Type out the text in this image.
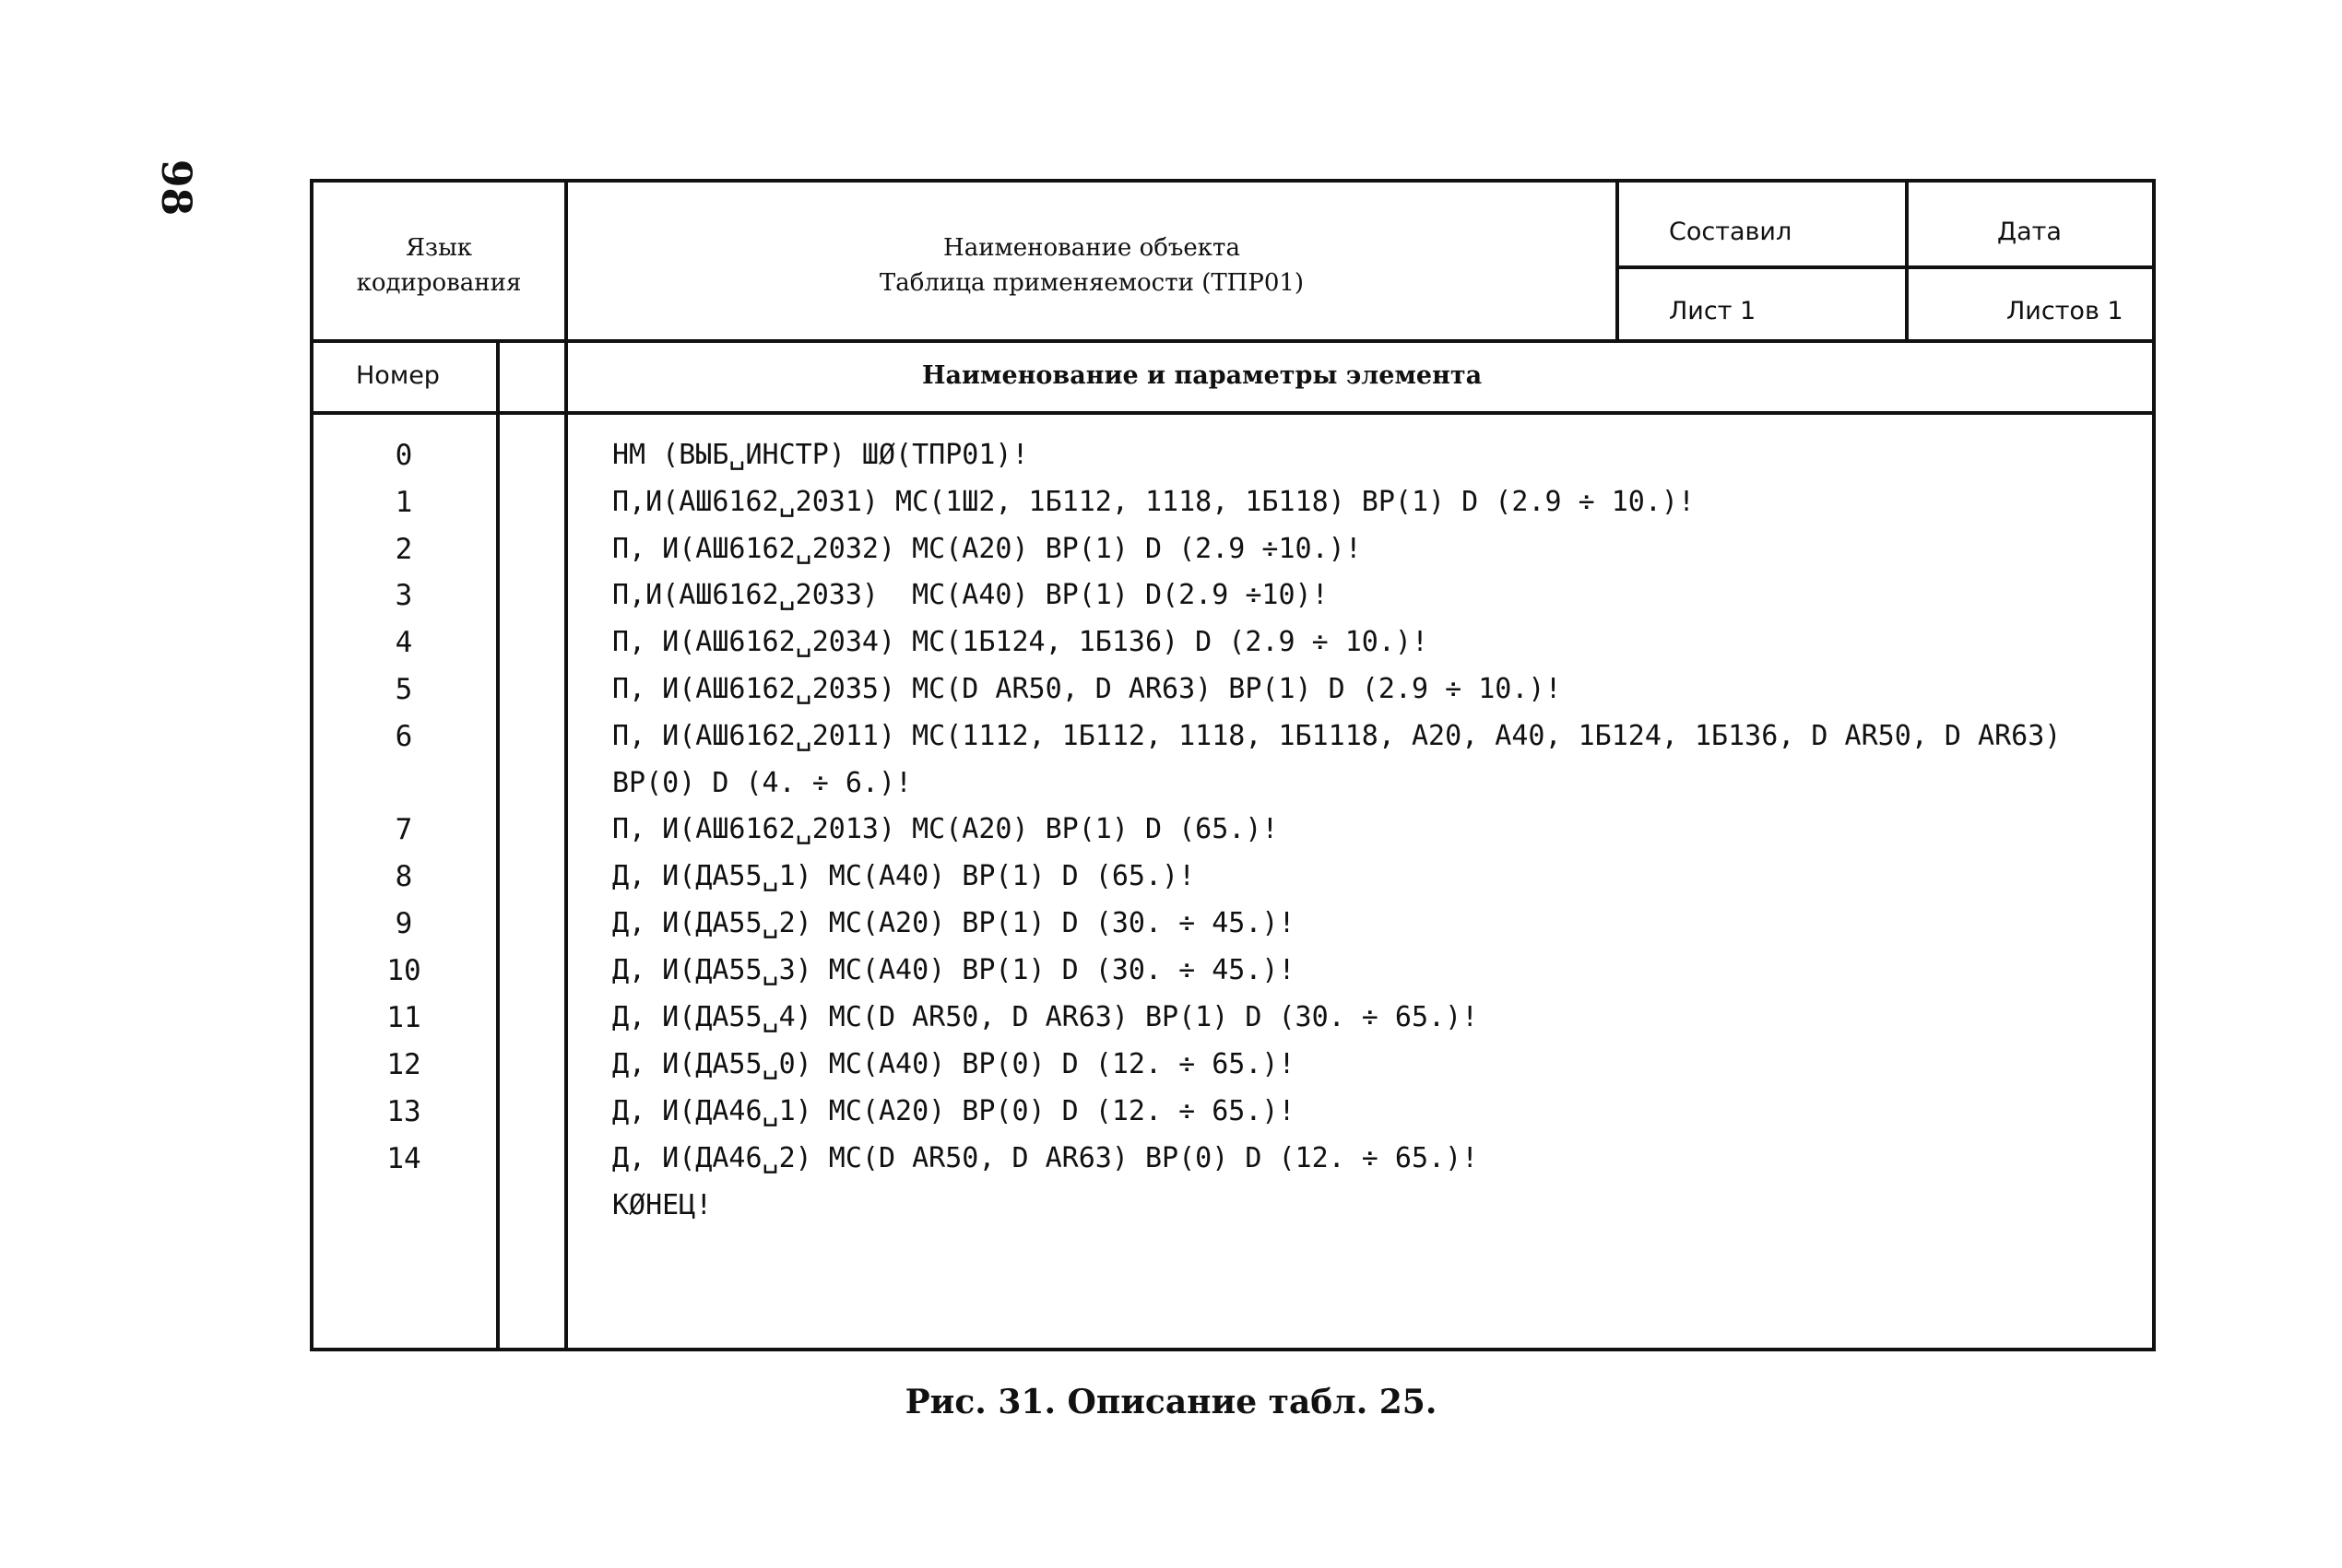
98
Язык
кодирования
Наименование объекта
Таблица применяемости (ТПР01)
Составил	Дата
Лист 1	Листов 1
Номер	Наименование и параметры элемента
0	НМ (ВЫБ␣ИНСТР) ШØ(ТПР01)!
1	П,И(АШ6162␣2031) МС(1Ш2, 1Б112, 1118, 1Б118) ВР(1) D (2.9 ÷ 10.)!
2	П, И(АШ6162␣2032) МС(А20) ВР(1) D (2.9 ÷10.)!
3	П,И(АШ6162␣2033)  МС(А40) ВР(1) D(2.9 ÷10)!
4	П, И(АШ6162␣2034) МС(1Б124, 1Б136) D (2.9 ÷ 10.)!
5	П, И(АШ6162␣2035) МС(D AR50, D AR63) ВР(1) D (2.9 ÷ 10.)!
6	П, И(АШ6162␣2011) МС(1112, 1Б112, 1118, 1Б1118, А20, А40, 1Б124, 1Б136, D AR50, D AR63)
ВР(0) D (4. ÷ 6.)!
7	П, И(АШ6162␣2013) МС(А20) ВР(1) D (65.)!
8	Д, И(ДА55␣1) МС(А40) ВР(1) D (65.)!
9	Д, И(ДА55␣2) МС(А20) ВР(1) D (30. ÷ 45.)!
10	Д, И(ДА55␣3) МС(А40) ВР(1) D (30. ÷ 45.)!
11	Д, И(ДА55␣4) МС(D AR50, D AR63) ВР(1) D (30. ÷ 65.)!
12	Д, И(ДА55␣0) МС(А40) ВР(0) D (12. ÷ 65.)!
13	Д, И(ДА46␣1) МС(А20) ВР(0) D (12. ÷ 65.)!
14	Д, И(ДА46␣2) МС(D AR50, D AR63) ВР(0) D (12. ÷ 65.)!
КØНЕЦ!
Рис. 31. Описание табл. 25.
